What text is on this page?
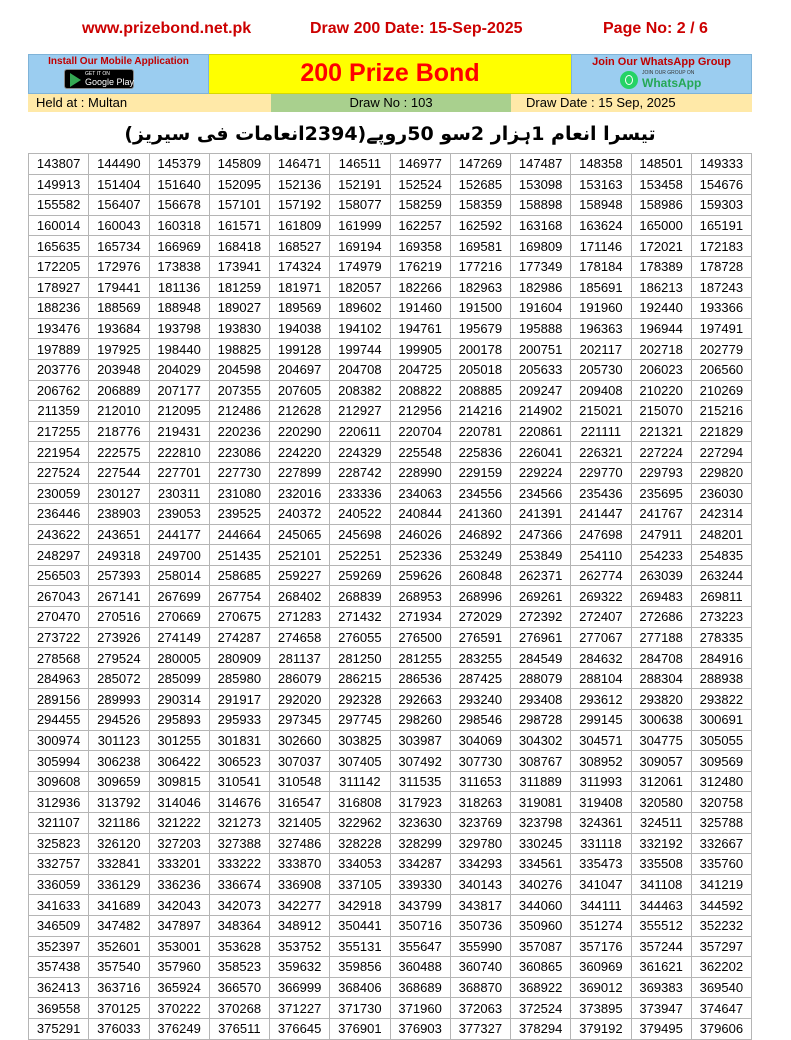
www.prizebond.net.pk	Draw 200 Date: 15-Sep-2025	Page No: 2 / 6
Install Our Mobile Application
GET IT ON
Google Play	200 Prize Bond	Join Our WhatsApp Group
JOIN OUR GROUP ON
WhatsApp
Held at : Multan	Draw No : 103	Draw Date : 15 Sep, 2025
تیسرا انعام 1ہزار 2سو 50روپے(2394انعامات فی سیریز)
143807	144490	145379	145809	146471	146511	146977	147269	147487	148358	148501	149333
149913	151404	151640	152095	152136	152191	152524	152685	153098	153163	153458	154676
155582	156407	156678	157101	157192	158077	158259	158359	158898	158948	158986	159303
160014	160043	160318	161571	161809	161999	162257	162592	163168	163624	165000	165191
165635	165734	166969	168418	168527	169194	169358	169581	169809	171146	172021	172183
172205	172976	173838	173941	174324	174979	176219	177216	177349	178184	178389	178728
178927	179441	181136	181259	181971	182057	182266	182963	182986	185691	186213	187243
188236	188569	188948	189027	189569	189602	191460	191500	191604	191960	192440	193366
193476	193684	193798	193830	194038	194102	194761	195679	195888	196363	196944	197491
197889	197925	198440	198825	199128	199744	199905	200178	200751	202117	202718	202779
203776	203948	204029	204598	204697	204708	204725	205018	205633	205730	206023	206560
206762	206889	207177	207355	207605	208382	208822	208885	209247	209408	210220	210269
211359	212010	212095	212486	212628	212927	212956	214216	214902	215021	215070	215216
217255	218776	219431	220236	220290	220611	220704	220781	220861	221111	221321	221829
221954	222575	222810	223086	224220	224329	225548	225836	226041	226321	227224	227294
227524	227544	227701	227730	227899	228742	228990	229159	229224	229770	229793	229820
230059	230127	230311	231080	232016	233336	234063	234556	234566	235436	235695	236030
236446	238903	239053	239525	240372	240522	240844	241360	241391	241447	241767	242314
243622	243651	244177	244664	245065	245698	246026	246892	247366	247698	247911	248201
248297	249318	249700	251435	252101	252251	252336	253249	253849	254110	254233	254835
256503	257393	258014	258685	259227	259269	259626	260848	262371	262774	263039	263244
267043	267141	267699	267754	268402	268839	268953	268996	269261	269322	269483	269811
270470	270516	270669	270675	271283	271432	271934	272029	272392	272407	272686	273223
273722	273926	274149	274287	274658	276055	276500	276591	276961	277067	277188	278335
278568	279524	280005	280909	281137	281250	281255	283255	284549	284632	284708	284916
284963	285072	285099	285980	286079	286215	286536	287425	288079	288104	288304	288938
289156	289993	290314	291917	292020	292328	292663	293240	293408	293612	293820	293822
294455	294526	295893	295933	297345	297745	298260	298546	298728	299145	300638	300691
300974	301123	301255	301831	302660	303825	303987	304069	304302	304571	304775	305055
305994	306238	306422	306523	307037	307405	307492	307730	308767	308952	309057	309569
309608	309659	309815	310541	310548	311142	311535	311653	311889	311993	312061	312480
312936	313792	314046	314676	316547	316808	317923	318263	319081	319408	320580	320758
321107	321186	321222	321273	321405	322962	323630	323769	323798	324361	324511	325788
325823	326120	327203	327388	327486	328228	328299	329780	330245	331118	332192	332667
332757	332841	333201	333222	333870	334053	334287	334293	334561	335473	335508	335760
336059	336129	336236	336674	336908	337105	339330	340143	340276	341047	341108	341219
341633	341689	342043	342073	342277	342918	343799	343817	344060	344111	344463	344592
346509	347482	347897	348364	348912	350441	350716	350736	350960	351274	355512	352232
352397	352601	353001	353628	353752	355131	355647	355990	357087	357176	357244	357297
357438	357540	357960	358523	359632	359856	360488	360740	360865	360969	361621	362202
362413	363716	365924	366570	366999	368406	368689	368870	368922	369012	369383	369540
369558	370125	370222	370268	371227	371730	371960	372063	372524	373895	373947	374647
375291	376033	376249	376511	376645	376901	376903	377327	378294	379192	379495	379606
